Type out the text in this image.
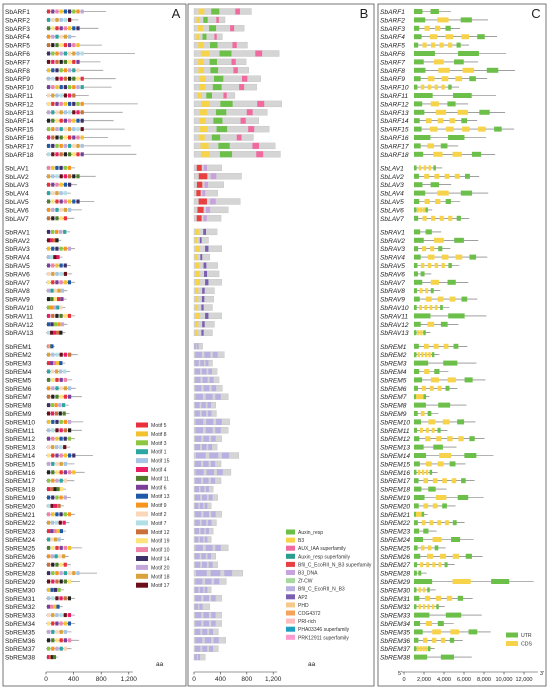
A	B	C
SbARF1
SbARF2
SbARF3
SbARF4
SbARF5
SbARF6
SbARF7
SbARF8
SbARF9
SbARF10
SbARF11
SbARF12
SbARF13
SbARF14
SbARF15
SbARF16
SbARF17
SbARF18
SbLAV1
SbLAV2
SbLAV3
SbLAV4
SbLAV5
SbLAV6
SbLAV7
SbRAV1
SbRAV2
SbRAV3
SbRAV4
SbRAV5
SbRAV6
SbRAV7
SbRAV8
SbRAV9
SbRAV10
SbRAV11
SbRAV12
SbRAV13
SbREM1
SbREM2
SbREM3
SbREM4
SbREM5
SbREM6
SbREM7
SbREM8
SbREM9
SbREM10
SbREM11
SbREM12
SbREM13
SbREM14
SbREM15
SbREM16
SbREM17
SbREM18
SbREM19
SbREM20
SbREM21
SbREM22
SbREM23
SbREM24
SbREM25
SbREM26
SbREM27
SbREM28
SbREM29
SbREM30
SbREM31
SbREM32
SbREM33
SbREM34
SbREM35
SbREM36
SbREM37
SbREM38
Motif 5
Motif 8
Motif 3
Motif 1
Motif 15
Motif 4
Motif 11
Motif 6
Motif 13
Motif 9
Motif 2
Motif 7
Motif 12
Motif 19
Motif 10
Motif 14
Motif 20
Motif 18
Motif 17
0	400	800 1,200
aa
Auxin_resp
B3
AUX_IAA superfamily
Auxin_resp superfamily
Bfil_C_EcoRII_N_B3 superfamily
B3_DNA
Zf-CW
BfiI_C_EcoRII_N_B3
AP2
PHD
COG4372
PRI-rich
PHA03346 superfamily
PRK12911 superfamily
0	400 800 1,200
aa
SbARF1
SbARF2
SbARF3
SbARF4
SbARF5
SbARF6
SbARF7
SbARF8
SbARF9
SbARF10
SbARF11
SbARF12
SbARF13
SbARF14
SbARF15
SbARF16
SbARF17
SbARF18
SbLAV1
SbLAV2
SbLAV3
SbLAV4
SbLAV5
SbLAV6
SbLAV7
SbRAV1
SbRAV2
SbRAV3
SbRAV4
SbRAV5
SbRAV6
SbRAV7
SbRAV8
SbRAV9
SbRAV10
SbRAV11
SbRAV12
SbRAV13
SbREM1
SbREM2
SbREM3
SbREM4
SbREM5
SbREM6
SbREM7
SbREM8
SbREM9
SbREM10
SbREM11
SbREM12
SbREM13
SbREM14
SbREM15
SbREM16
SbREM17
SbREM18
SbREM19
SbREM20
SbREM21
SbREM22
SbREM23
SbREM24
SbREM25
SbREM26
SbREM27
SbREM28
SbREM29
SbREM30
SbREM31
SbREM32
SbREM33
SbREM34
SbREM35
SbREM36
SbREM37
SbREM38
UTR
CDS
5'	3'
0 2,000 4,000 6,000 8,000 10,000 12,000
